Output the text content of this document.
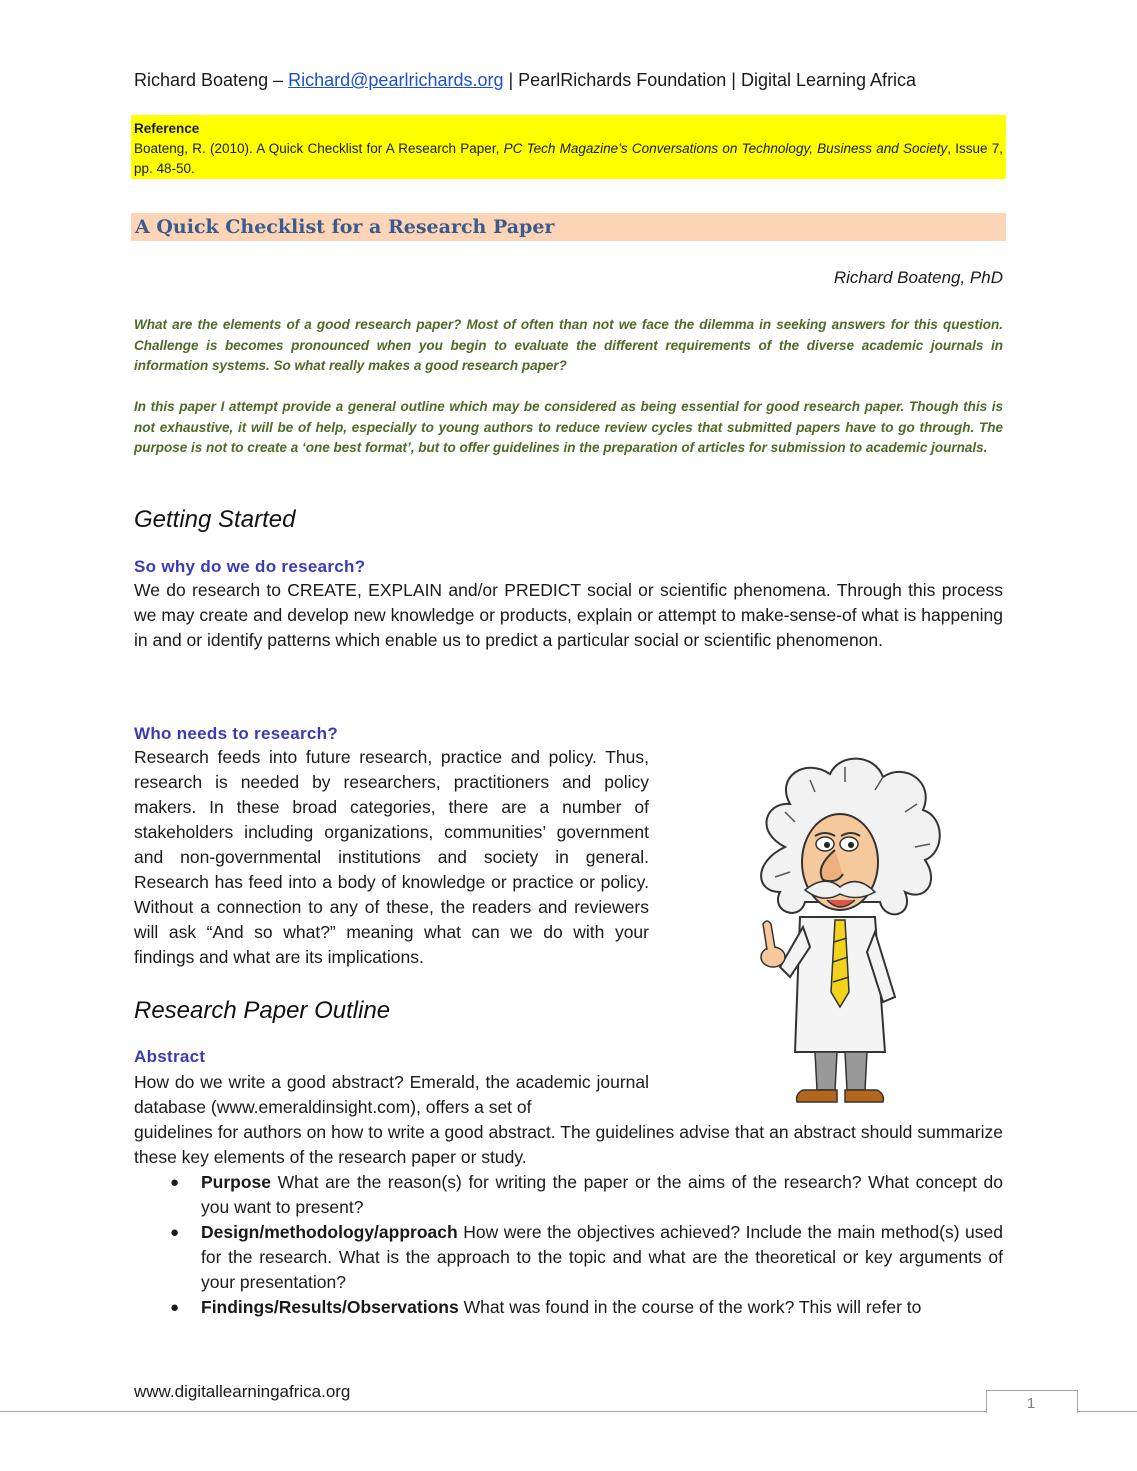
Richard Boateng – Richard@pearlrichards.org | PearlRichards Foundation | Digital Learning Africa
Reference
Boateng, R. (2010). A Quick Checklist for A Research Paper, PC Tech Magazine’s Conversations on Technology, Business and Society, Issue 7, pp. 48-50.
A Quick Checklist for a Research Paper
Richard Boateng, PhD
What are the elements of a good research paper? Most of often than not we face the dilemma in seeking answers for this question. Challenge is becomes pronounced when you begin to evaluate the different requirements of the diverse academic journals in information systems. So what really makes a good research paper?
In this paper I attempt provide a general outline which may be considered as being essential for good research paper. Though this is not exhaustive, it will be of help, especially to young authors to reduce review cycles that submitted papers have to go through. The purpose is not to create a ‘one best format’, but to offer guidelines in the preparation of articles for submission to academic journals.
Getting Started
So why do we do research?
We do research to CREATE, EXPLAIN and/or PREDICT social or scientific phenomena. Through this process we may create and develop new knowledge or products, explain or attempt to make-sense-of what is happening in and or identify patterns which enable us to predict a particular social or scientific phenomenon.
Who needs to research?
Research feeds into future research, practice and policy. Thus, research is needed by researchers, practitioners and policy makers. In these broad categories, there are a number of stakeholders including organizations, communities’ government and non-governmental institutions and society in general. Research has feed into a body of knowledge or practice or policy. Without a connection to any of these, the readers and reviewers will ask “And so what?” meaning what can we do with your findings and what are its implications.
Research Paper Outline
Abstract
How do we write a good abstract? Emerald, the academic journal database (www.emeraldinsight.com), offers a set of
guidelines for authors on how to write a good abstract. The guidelines advise that an abstract should summarize these key elements of the research paper or study.
● Purpose What are the reason(s) for writing the paper or the aims of the research? What concept do you want to present?
● Design/methodology/approach How were the objectives achieved? Include the main method(s) used for the research. What is the approach to the topic and what are the theoretical or key arguments of your presentation?
● Findings/Results/Observations What was found in the course of the work? This will refer to
www.digitallearningafrica.org
1
